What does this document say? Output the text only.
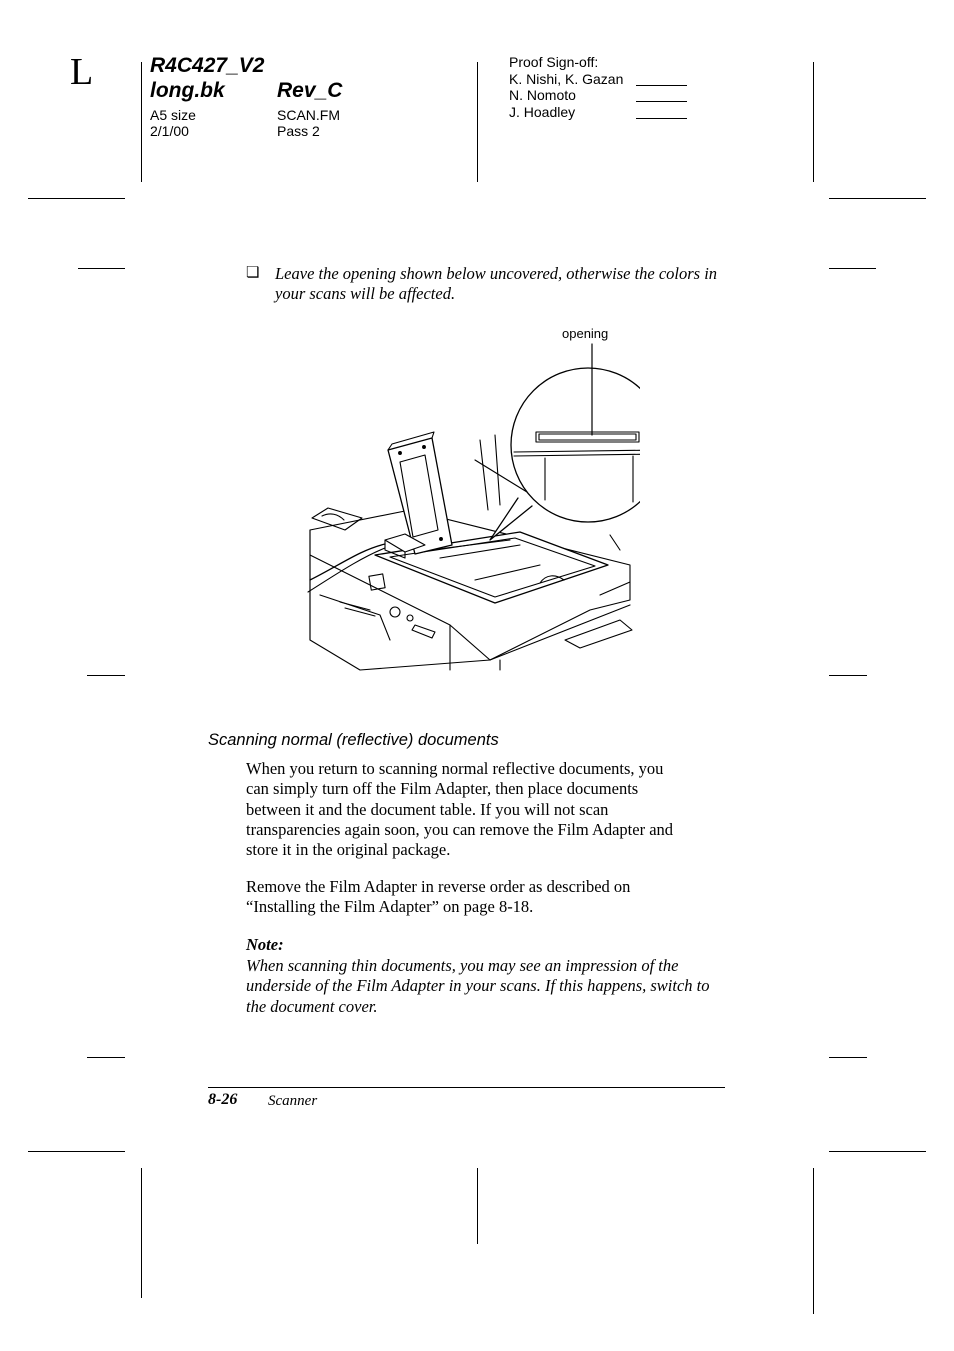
L	R4C427_V2
long.bk Rev_C
A5 size
2/1/00
SCAN.FM
Pass 2
Proof Sign-off:
K. Nishi, K. Gazan
N. Nomoto
J. Hoadley
❏ Leave the opening shown below uncovered, otherwise the colors in
your scans will be affected.
opening
Scanning normal (reflective) documents
When you return to scanning normal reflective documents, you
can simply turn off the Film Adapter, then place documents
between it and the document table. If you will not scan
transparencies again soon, you can remove the Film Adapter and
store it in the original package.
Remove the Film Adapter in reverse order as described on
“Installing the Film Adapter” on page 8-18.
Note:
When scanning thin documents, you may see an impression of the
underside of the Film Adapter in your scans. If this happens, switch to
the document cover.
8-26 Scanner
